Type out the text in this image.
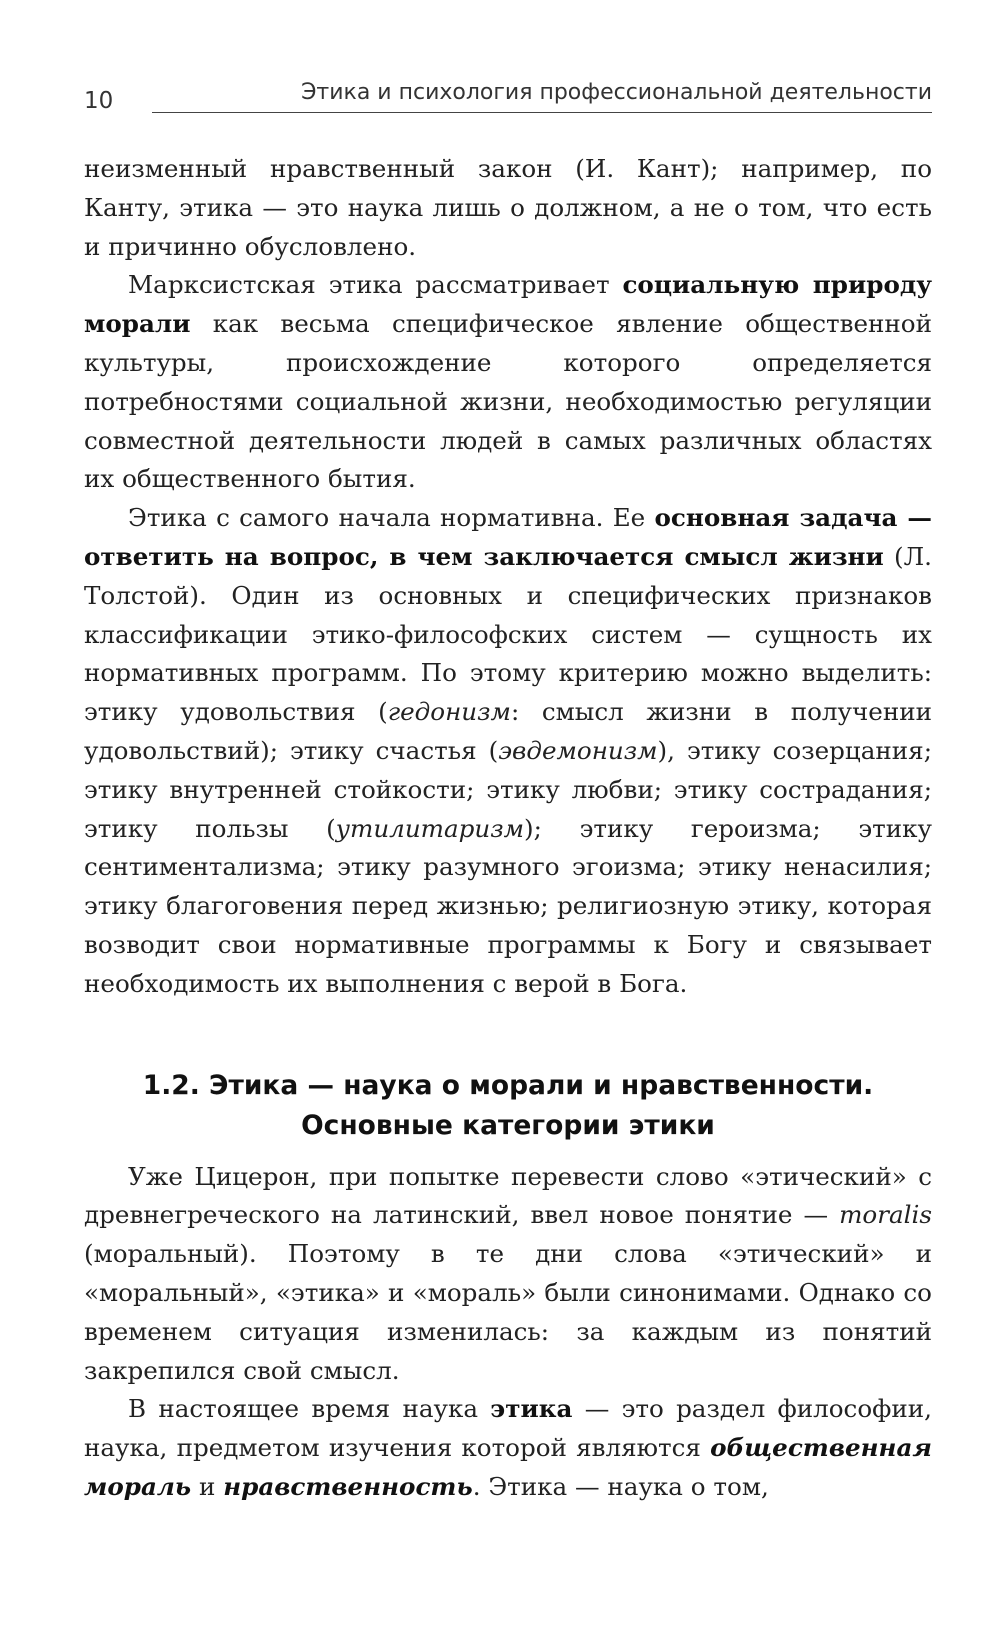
10	Этика и психология профессиональной деятельности

неизменный нравственный закон (И. Кант); например, по Канту, этика — это наука лишь о должном, а не о том, что есть и причинно обусловлено.

Марксистская этика рассматривает социальную природу морали как весьма специфическое явление общественной культуры, происхождение которого определяется потребностями социальной жизни, необходимостью регуляции совместной деятельности людей в самых различных областях их общественного бытия.

Этика с самого начала нормативна. Ее основная задача — ответить на вопрос, в чем заключается смысл жизни (Л. Толстой). Один из основных и специфических признаков классификации этико-философских систем — сущность их нормативных программ. По этому критерию можно выделить: этику удовольствия (гедонизм: смысл жизни в получении удовольствий); этику счастья (эвдемонизм), этику созерцания; этику внутренней стойкости; этику любви; этику сострадания; этику пользы (утилитаризм); этику героизма; этику сентиментализма; этику разумного эгоизма; этику ненасилия; этику благоговения перед жизнью; религиозную этику, которая возводит свои нормативные программы к Богу и связывает необходимость их выполнения с верой в Бога.

1.2. Этика — наука о морали и нравственности.
Основные категории этики

Уже Цицерон, при попытке перевести слово «этический» с древнегреческого на латинский, ввел новое понятие — moralis (моральный). Поэтому в те дни слова «этический» и «моральный», «этика» и «мораль» были синонимами. Однако со временем ситуация изменилась: за каждым из понятий закрепился свой смысл.

В настоящее время наука этика — это раздел философии, наука, предметом изучения которой являются общественная мораль и нравственность. Этика — наука о том,
